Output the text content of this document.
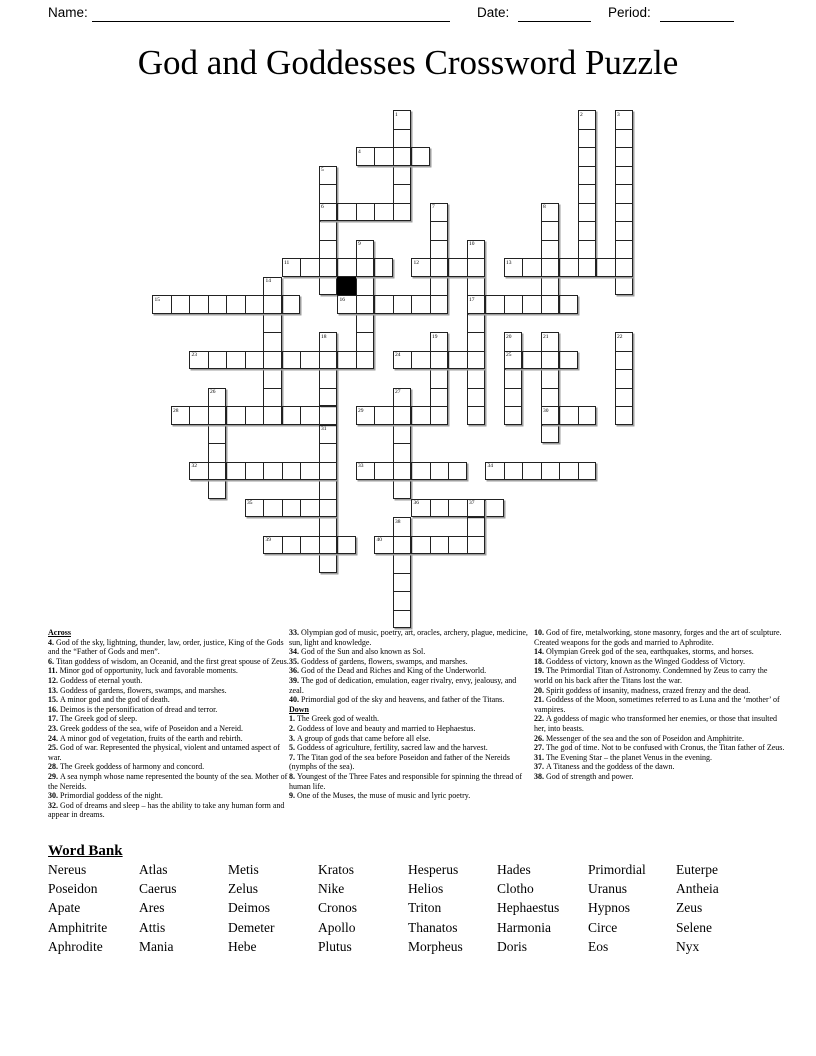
Name:	Date:	Period:
God and Goddesses Crossword Puzzle
1	2	3
4
5
6	7	8
9	10
11	12	13
14
15	16	17
18	19	20	21	22
23	24	25
26	27
28	29	30
31
32	33	34
35	36	37
38
39	40

Across

4. God of the sky, lightning, thunder, law, order, justice, King of the Gods and the “Father of Gods and men”.

6. Titan goddess of wisdom, an Oceanid, and the first great spouse of Zeus.

11. Minor god of opportunity, luck and favorable moments.

12. Goddess of eternal youth.

13. Goddess of gardens, flowers, swamps, and marshes.

15. A minor god and the god of death.

16. Deimos is the personification of dread and terror.

17. The Greek god of sleep.

23. Greek goddess of the sea, wife of Poseidon and a Nereid.

24. A minor god of vegetation, fruits of the earth and rebirth.

25. God of war. Represented the physical, violent and untamed aspect of war.

28. The Greek goddess of harmony and concord.

29. A sea nymph whose name represented the bounty of the sea. Mother of the Nereids.

30. Primordial goddess of the night.

32. God of dreams and sleep – has the ability to take any human form and appear in dreams.

33. Olympian god of music, poetry, art, oracles, archery, plague, medicine, sun, light and knowledge.

34. God of the Sun and also known as Sol.

35. Goddess of gardens, flowers, swamps, and marshes.

36. God of the Dead and Riches and King of the Underworld.

39. The god of dedication, emulation, eager rivalry, envy, jealousy, and zeal.

40. Primordial god of the sky and heavens, and father of the Titans.

Down

1. The Greek god of wealth.

2. Goddess of love and beauty and married to Hephaestus.

3. A group of gods that came before all else.

5. Goddess of agriculture, fertility, sacred law and the harvest.

7. The Titan god of the sea before Poseidon and father of the Nereids (nymphs of the sea).

8. Youngest of the Three Fates and responsible for spinning the thread of human life.

9. One of the Muses, the muse of music and lyric poetry.

10. God of fire, metalworking, stone masonry, forges and the art of sculpture. Created weapons for the gods and married to Aphrodite.

14. Olympian Greek god of the sea, earthquakes, storms, and horses.

18. Goddess of victory, known as the Winged Goddess of Victory.

19. The Primordial Titan of Astronomy. Condemned by Zeus to carry the world on his back after the Titans lost the war.

20. Spirit goddess of insanity, madness, crazed frenzy and the dead.

21. Goddess of the Moon, sometimes referred to as Luna and the ‘mother’ of vampires.

22. A goddess of magic who transformed her enemies, or those that insulted her, into beasts.

26. Messenger of the sea and the son of Poseidon and Amphitrite.

27. The god of time. Not to be confused with Cronus, the Titan father of Zeus.

31. The Evening Star – the planet Venus in the evening.

37. A Titaness and the goddess of the dawn.

38. God of strength and power.

Word Bank

Nereus	Atlas	Metis	Kratos	Hesperus	Hades	Primordial	Euterpe
Poseidon	Caerus	Zelus	Nike	Helios	Clotho	Uranus	Antheia
Apate	Ares	Deimos	Cronos	Triton	Hephaestus	Hypnos	Zeus
Amphitrite	Attis	Demeter	Apollo	Thanatos	Harmonia	Circe	Selene
Aphrodite	Mania	Hebe	Plutus	Morpheus	Doris	Eos	Nyx
